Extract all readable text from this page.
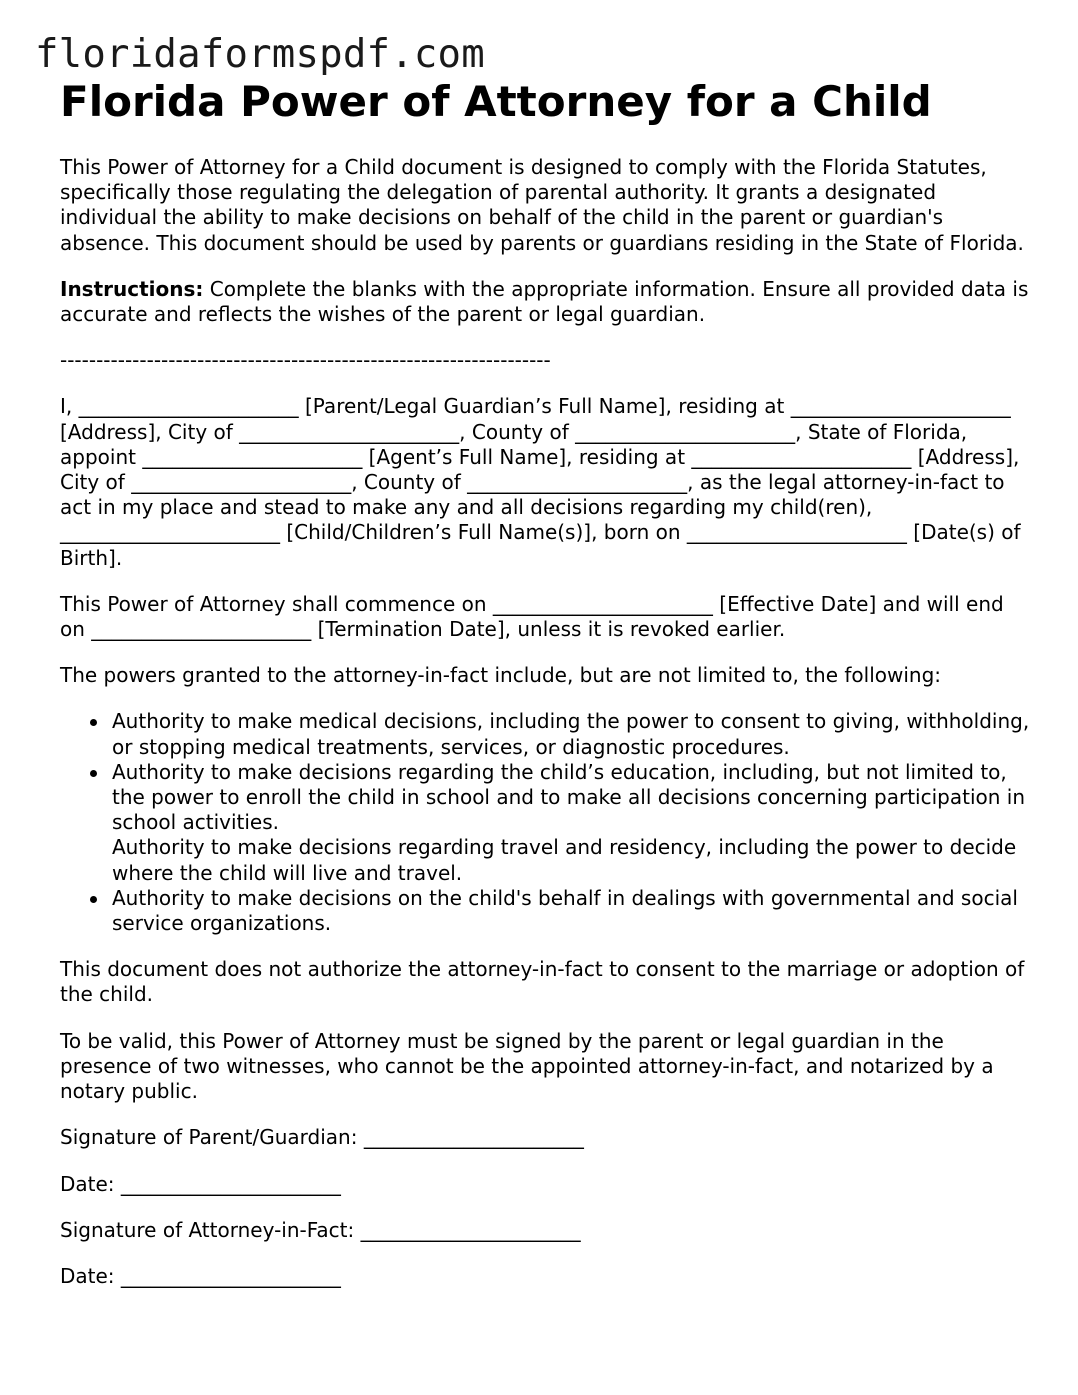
floridaformspdf.com
Florida Power of Attorney for a Child

This Power of Attorney for a Child document is designed to comply with the Florida Statutes, specifically those regulating the delegation of parental authority. It grants a designated individual the ability to make decisions on behalf of the child in the parent or guardian's absence. This document should be used by parents or guardians residing in the State of Florida.

Instructions: Complete the blanks with the appropriate information. Ensure all provided data is accurate and reflects the wishes of the parent or legal guardian.

--------------------------------------------------------------------

I, ______________________ [Parent/Legal Guardian’s Full Name], residing at ______________________ [Address], City of ______________________, County of ______________________, State of Florida, appoint ______________________ [Agent’s Full Name], residing at ______________________ [Address], City of ______________________, County of ______________________, as the legal attorney-in-fact to act in my place and stead to make any and all decisions regarding my child(ren), ______________________ [Child/Children’s Full Name(s)], born on ______________________ [Date(s) of Birth].

This Power of Attorney shall commence on ______________________ [Effective Date] and will end on ______________________ [Termination Date], unless it is revoked earlier.

The powers granted to the attorney-in-fact include, but are not limited to, the following:

Authority to make medical decisions, including the power to consent to giving, withholding, or stopping medical treatments, services, or diagnostic procedures.
Authority to make decisions regarding the child’s education, including, but not limited to, the power to enroll the child in school and to make all decisions concerning participation in school activities.
Authority to make decisions regarding travel and residency, including the power to decide where the child will live and travel.
Authority to make decisions on the child's behalf in dealings with governmental and social service organizations.

This document does not authorize the attorney-in-fact to consent to the marriage or adoption of the child.

To be valid, this Power of Attorney must be signed by the parent or legal guardian in the presence of two witnesses, who cannot be the appointed attorney-in-fact, and notarized by a notary public.

Signature of Parent/Guardian: ______________________

Date: ______________________

Signature of Attorney-in-Fact: ______________________

Date: ______________________
